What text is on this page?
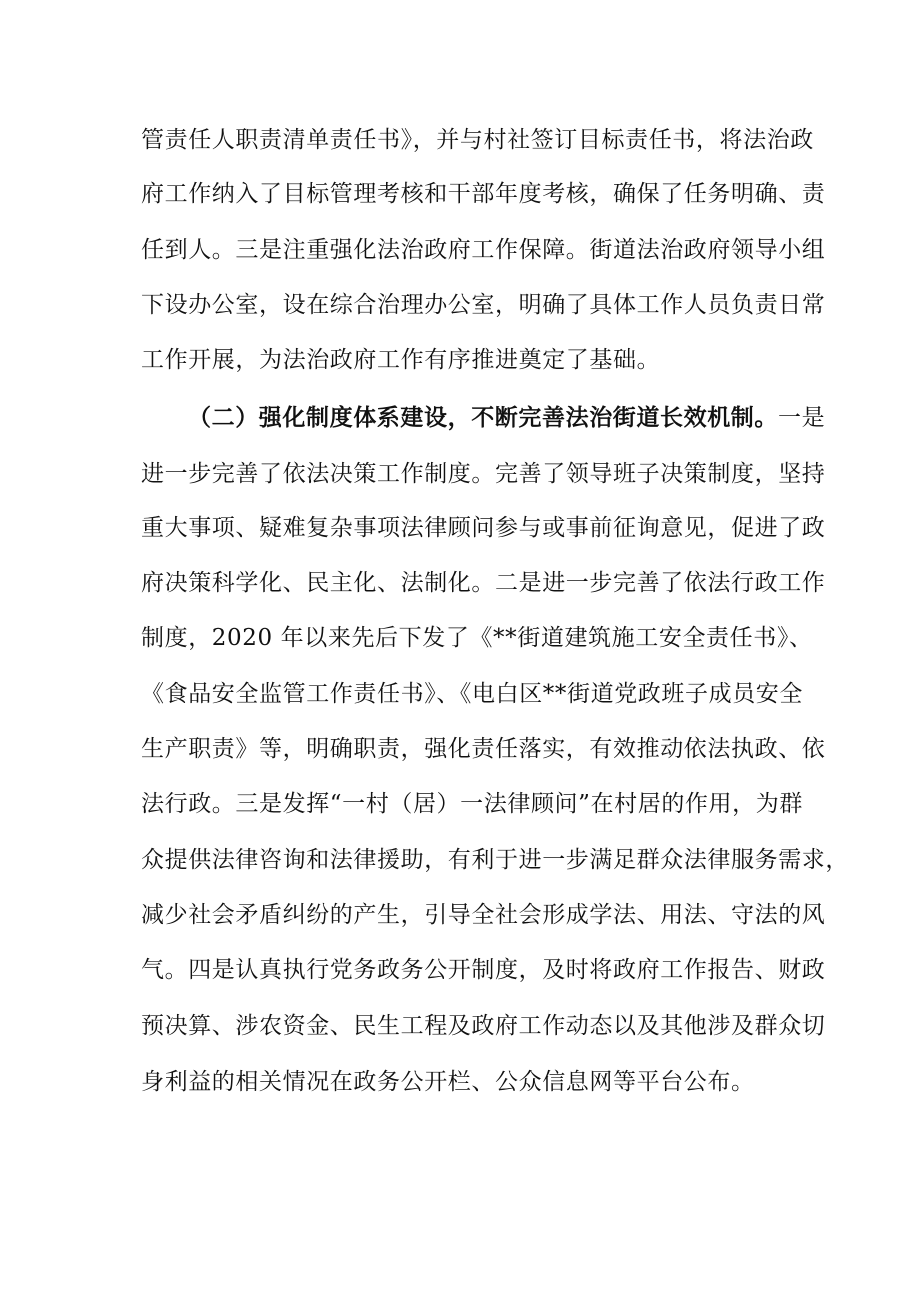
管责任人职责清单责任书》，并与村社签订目标责任书，将法治政
府工作纳入了目标管理考核和干部年度考核，确保了任务明确、责
任到人。三是注重强化法治政府工作保障。街道法治政府领导小组
下设办公室，设在综合治理办公室，明确了具体工作人员负责日常
工作开展，为法治政府工作有序推进奠定了基础。
（二）强化制度体系建设，不断完善法治街道长效机制。一是
进一步完善了依法决策工作制度。完善了领导班子决策制度，坚持
重大事项、疑难复杂事项法律顾问参与或事前征询意见，促进了政
府决策科学化、民主化、法制化。二是进一步完善了依法行政工作
制度，2020 年以来先后下发了《**街道建筑施工安全责任书》、
《食品安全监管工作责任书》、《电白区**街道党政班子成员安全
生产职责》等，明确职责，强化责任落实，有效推动依法执政、依
法行政。三是发挥“一村（居）一法律顾问”在村居的作用，为群
众提供法律咨询和法律援助，有利于进一步满足群众法律服务需求，
减少社会矛盾纠纷的产生，引导全社会形成学法、用法、守法的风
气。四是认真执行党务政务公开制度，及时将政府工作报告、财政
预决算、涉农资金、民生工程及政府工作动态以及其他涉及群众切
身利益的相关情况在政务公开栏、公众信息网等平台公布。
